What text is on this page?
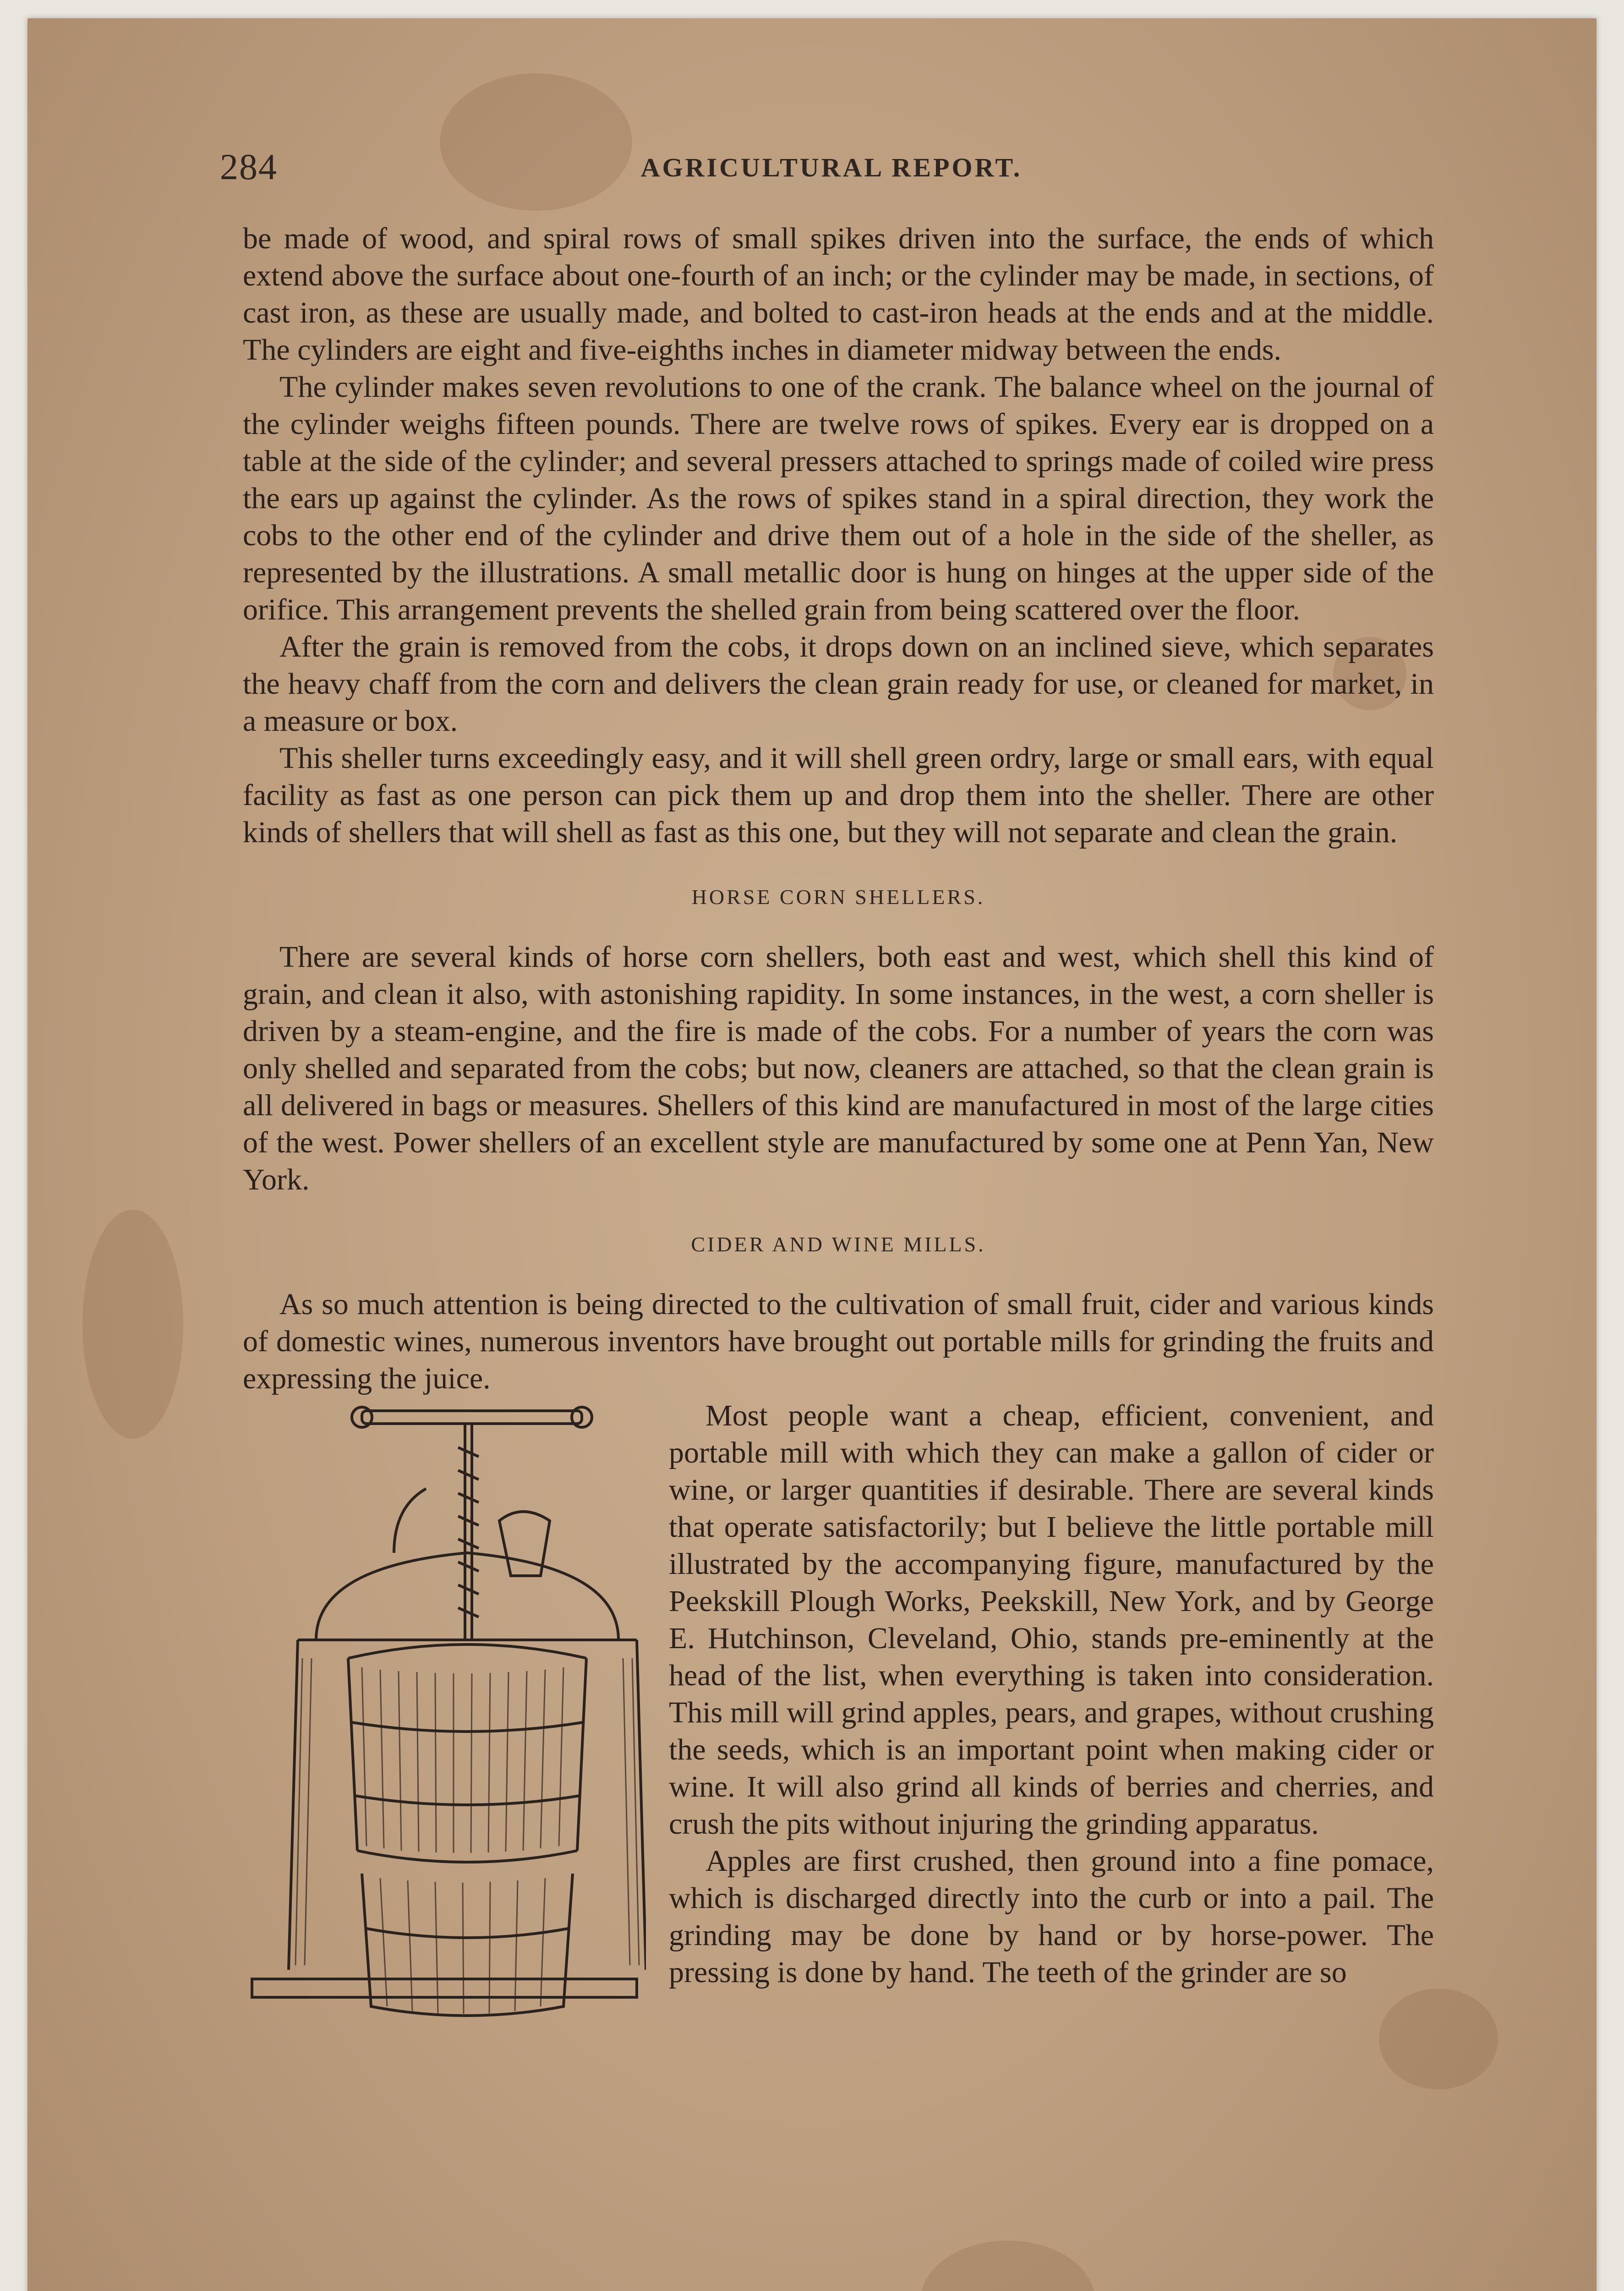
284	AGRICULTURAL REPORT.

be made of wood, and spiral rows of small spikes driven into the surface, the ends of which extend above the surface about one-fourth of an inch; or the cylinder may be made, in sections, of cast iron, as these are usually made, and bolted to cast-iron heads at the ends and at the middle. The cylinders are eight and five-eighths inches in diameter midway between the ends.

The cylinder makes seven revolutions to one of the crank. The balance wheel on the journal of the cylinder weighs fifteen pounds. There are twelve rows of spikes. Every ear is dropped on a table at the side of the cylinder; and several pressers attached to springs made of coiled wire press the ears up against the cylinder. As the rows of spikes stand in a spiral direction, they work the cobs to the other end of the cylinder and drive them out of a hole in the side of the sheller, as represented by the illustrations. A small metallic door is hung on hinges at the upper side of the orifice. This arrangement prevents the shelled grain from being scattered over the floor.

After the grain is removed from the cobs, it drops down on an inclined sieve, which separates the heavy chaff from the corn and delivers the clean grain ready for use, or cleaned for market, in a measure or box.

This sheller turns exceedingly easy, and it will shell green ordry, large or small ears, with equal facility as fast as one person can pick them up and drop them into the sheller. There are other kinds of shellers that will shell as fast as this one, but they will not separate and clean the grain.

HORSE CORN SHELLERS.

There are several kinds of horse corn shellers, both east and west, which shell this kind of grain, and clean it also, with astonishing rapidity. In some instances, in the west, a corn sheller is driven by a steam-engine, and the fire is made of the cobs. For a number of years the corn was only shelled and separated from the cobs; but now, cleaners are attached, so that the clean grain is all delivered in bags or measures. Shellers of this kind are manufactured in most of the large cities of the west. Power shellers of an excellent style are manufactured by some one at Penn Yan, New York.

CIDER AND WINE MILLS.

As so much attention is being directed to the cultivation of small fruit, cider and various kinds of domestic wines, numerous inventors have brought out portable mills for grinding the fruits and expressing the juice.

Most people want a cheap, efficient, convenient, and portable mill with which they can make a gallon of cider or wine, or larger quantities if desirable. There are several kinds that operate satisfactorily; but I believe the little portable mill illustrated by the accompanying figure, manufactured by the Peekskill Plough Works, Peekskill, New York, and by George E. Hutchinson, Cleveland, Ohio, stands pre-eminently at the head of the list, when everything is taken into consideration. This mill will grind apples, pears, and grapes, without crushing the seeds, which is an important point when making cider or wine. It will also grind all kinds of berries and cherries, and crush the pits without injuring the grinding apparatus.

Apples are first crushed, then ground into a fine pomace, which is discharged directly into the curb or into a pail. The grinding may be done by hand or by horse-power. The pressing is done by hand. The teeth of the grinder are so
